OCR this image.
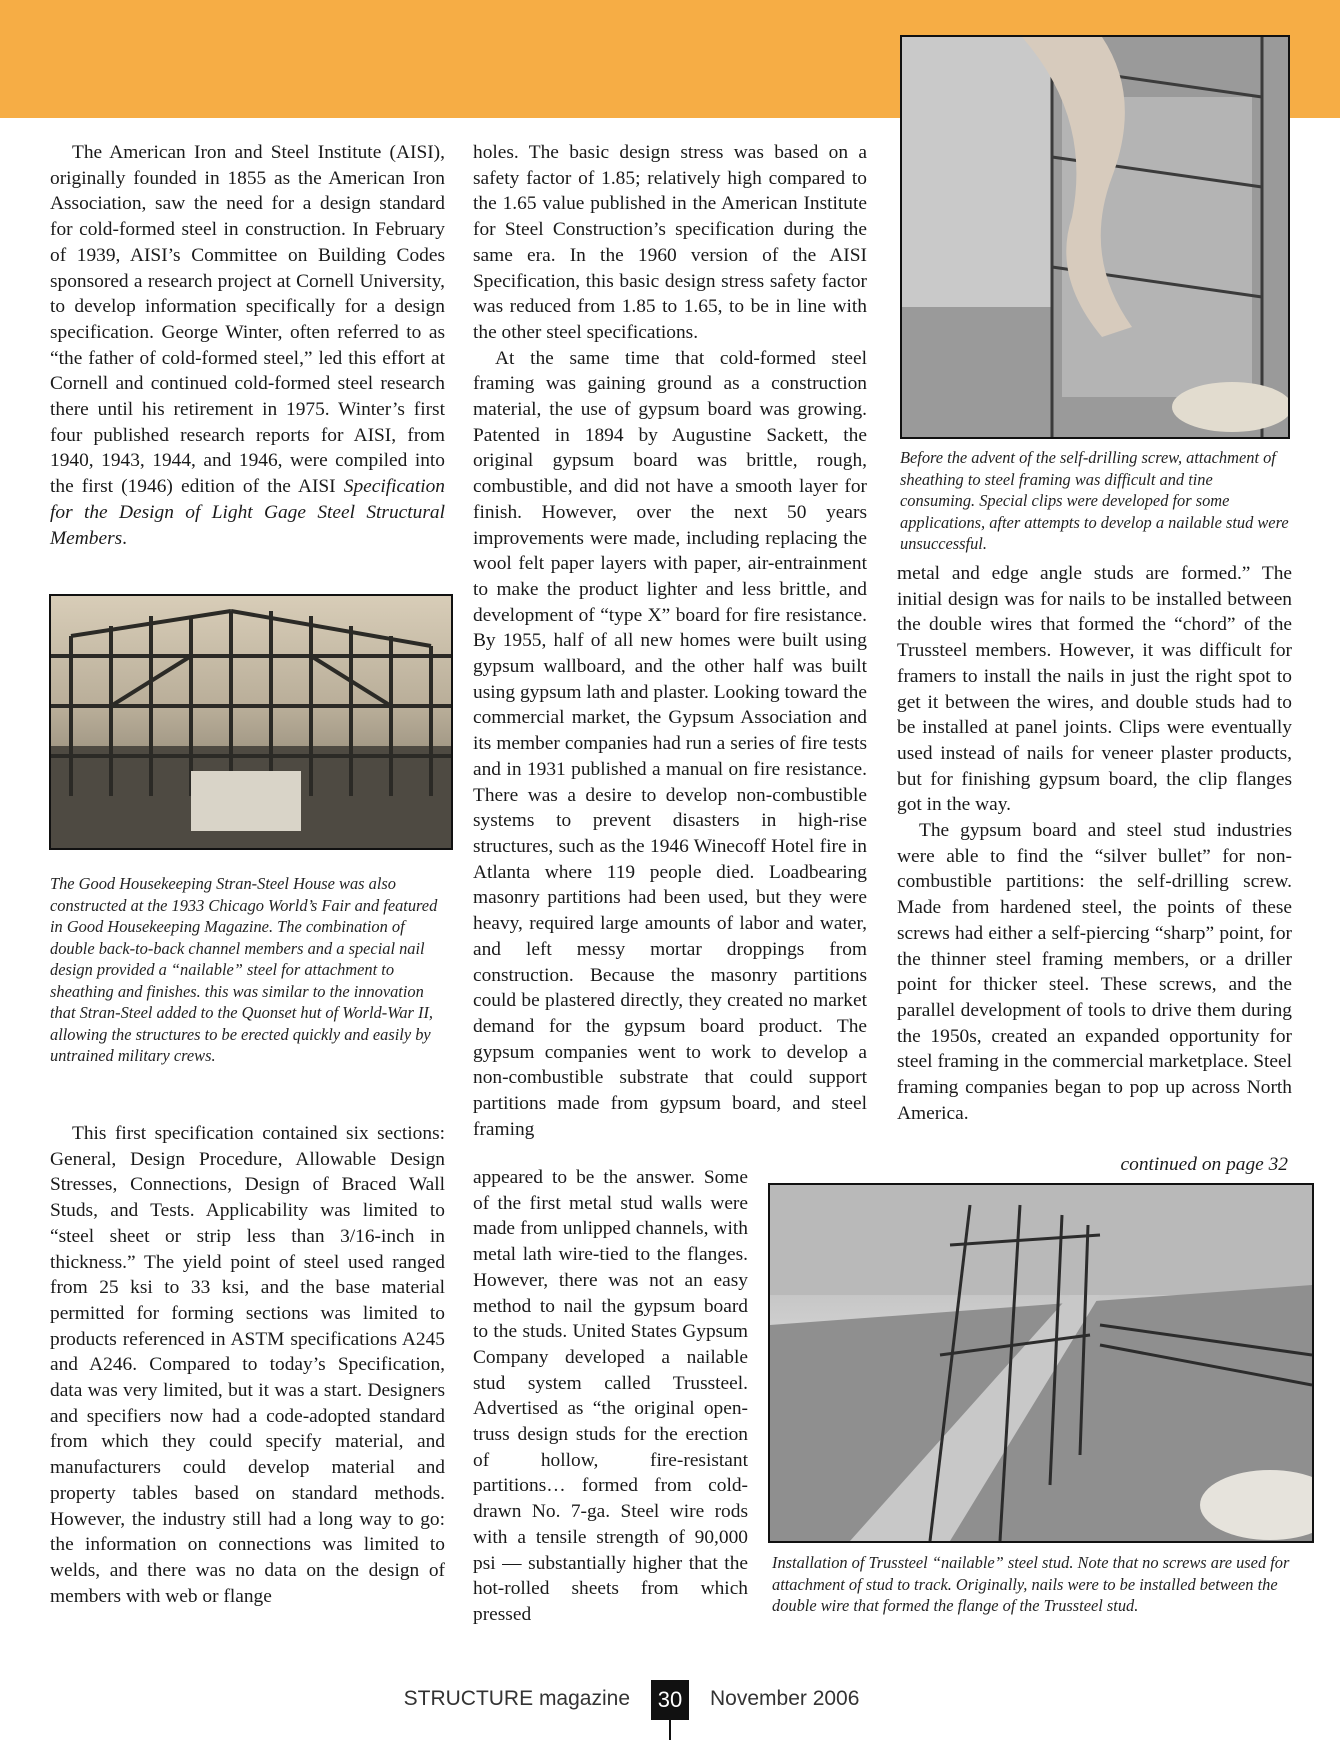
The American Iron and Steel Institute (AISI), originally founded in 1855 as the American Iron Association, saw the need for a design standard for cold-formed steel in construction. In February of 1939, AISI’s Committee on Building Codes sponsored a research project at Cornell University, to develop information specifically for a design specification. George Winter, often referred to as “the father of cold-formed steel,” led this effort at Cornell and continued cold-formed steel research there until his retirement in 1975. Winter’s first four published research reports for AISI, from 1940, 1943, 1944, and 1946, were compiled into the first (1946) edition of the AISI Specification for the Design of Light Gage Steel Structural Members.

The Good Housekeeping Stran-Steel House was also constructed at the 1933 Chicago World’s Fair and featured in Good Housekeeping Magazine. The combination of double back-to-back channel members and a special nail design provided a “nailable” steel for attachment to sheathing and finishes. this was similar to the innovation that Stran-Steel added to the Quonset hut of World-War II, allowing the structures to be erected quickly and easily by untrained military crews.

This first specification contained six sections: General, Design Procedure, Allowable Design Stresses, Connections, Design of Braced Wall Studs, and Tests. Applicability was limited to “steel sheet or strip less than 3/16-inch in thickness.” The yield point of steel used ranged from 25 ksi to 33 ksi, and the base material permitted for forming sections was limited to products referenced in ASTM specifications A245 and A246. Compared to today’s Specification, data was very limited, but it was a start. Designers and specifiers now had a code-adopted standard from which they could specify material, and manufacturers could develop material and property tables based on standard methods. However, the industry still had a long way to go: the information on connections was limited to welds, and there was no data on the design of members with web or flange

holes. The basic design stress was based on a safety factor of 1.85; relatively high compared to the 1.65 value published in the American Institute for Steel Construction’s specification during the same era. In the 1960 version of the AISI Specification, this basic design stress safety factor was reduced from 1.85 to 1.65, to be in line with the other steel specifications.

At the same time that cold-formed steel framing was gaining ground as a construction material, the use of gypsum board was growing. Patented in 1894 by Augustine Sackett, the original gypsum board was brittle, rough, combustible, and did not have a smooth layer for finish. However, over the next 50 years improvements were made, including replacing the wool felt paper layers with paper, air-entrainment to make the product lighter and less brittle, and development of “type X” board for fire resistance. By 1955, half of all new homes were built using gypsum wallboard, and the other half was built using gypsum lath and plaster. Looking toward the commercial market, the Gypsum Association and its member companies had run a series of fire tests and in 1931 published a manual on fire resistance. There was a desire to develop non-combustible systems to prevent disasters in high-rise structures, such as the 1946 Winecoff Hotel fire in Atlanta where 119 people died. Loadbearing masonry partitions had been used, but they were heavy, required large amounts of labor and water, and left messy mortar droppings from construction. Because the masonry partitions could be plastered directly, they created no market demand for the gypsum board product. The gypsum companies went to work to develop a non-combustible substrate that could support partitions made from gypsum board, and steel framing

appeared to be the answer. Some of the first metal stud walls were made from unlipped channels, with metal lath wire-tied to the flanges. However, there was not an easy method to nail the gypsum board to the studs. United States Gypsum Company developed a nailable stud system called Trussteel. Advertised as “the original open-truss design studs for the erection of hollow, fire-resistant partitions… formed from cold-drawn No. 7-ga. Steel wire rods with a tensile strength of 90,000 psi — substantially higher that the hot-rolled sheets from which pressed

Before the advent of the self-drilling screw, attachment of sheathing to steel framing was difficult and tine consuming. Special clips were developed for some applications, after attempts to develop a nailable stud were unsuccessful.

metal and edge angle studs are formed.” The initial design was for nails to be installed between the double wires that formed the “chord” of the Trussteel members. However, it was difficult for framers to install the nails in just the right spot to get it between the wires, and double studs had to be installed at panel joints. Clips were eventually used instead of nails for veneer plaster products, but for finishing gypsum board, the clip flanges got in the way.

The gypsum board and steel stud industries were able to find the “silver bullet” for non-combustible partitions: the self-drilling screw. Made from hardened steel, the points of these screws had either a self-piercing “sharp” point, for the thinner steel framing members, or a driller point for thicker steel. These screws, and the parallel development of tools to drive them during the 1950s, created an expanded opportunity for steel framing in the commercial marketplace. Steel framing companies began to pop up across North America.

continued on page 32
Installation of Trussteel “nailable” steel stud. Note that no screws are used for attachment of stud to track. Originally, nails were to be installed between the double wire that formed the flange of the Trussteel stud.
STRUCTURE magazine	30	November 2006
